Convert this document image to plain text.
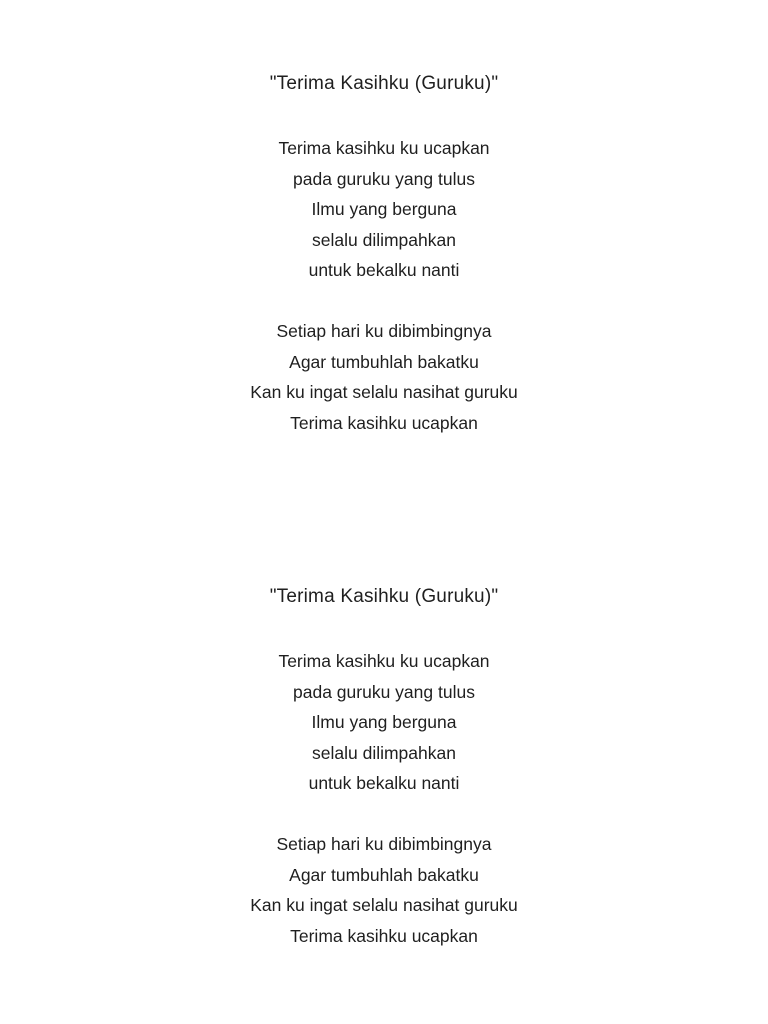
"Terima Kasihku (Guruku)"
Terima kasihku ku ucapkan
pada guruku yang tulus
Ilmu yang berguna
selalu dilimpahkan
untuk bekalku nanti
Setiap hari ku dibimbingnya
Agar tumbuhlah bakatku
Kan ku ingat selalu nasihat guruku
Terima kasihku ucapkan
"Terima Kasihku (Guruku)"
Terima kasihku ku ucapkan
pada guruku yang tulus
Ilmu yang berguna
selalu dilimpahkan
untuk bekalku nanti
Setiap hari ku dibimbingnya
Agar tumbuhlah bakatku
Kan ku ingat selalu nasihat guruku
Terima kasihku ucapkan
